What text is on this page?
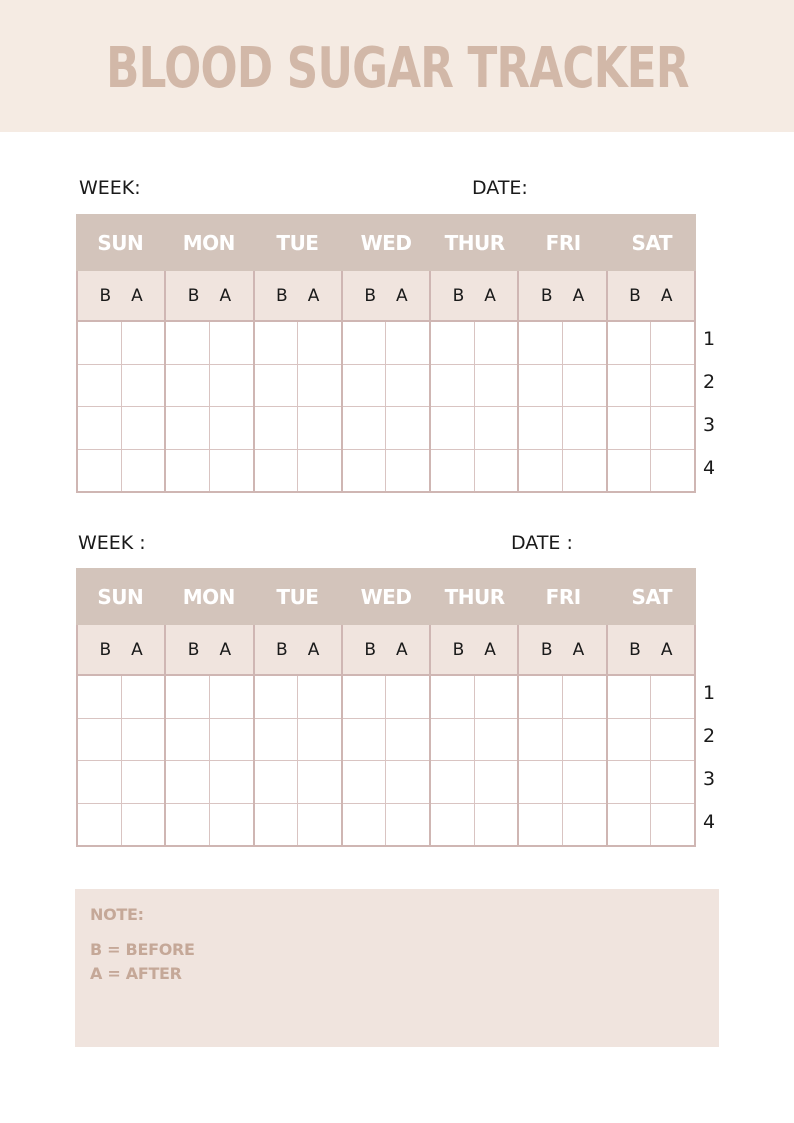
BLOOD SUGAR TRACKER
WEEK:	DATE:
SUN	MON	TUE	WED	THUR	FRI	SAT
B A	B A	B A	B A	B A	B A	B A
1
2
3
4
WEEK :	DATE :
SUN	MON	TUE	WED	THUR	FRI	SAT
B A	B A	B A	B A	B A	B A	B A
1
2
3
4
NOTE:
B = BEFORE
A = AFTER
